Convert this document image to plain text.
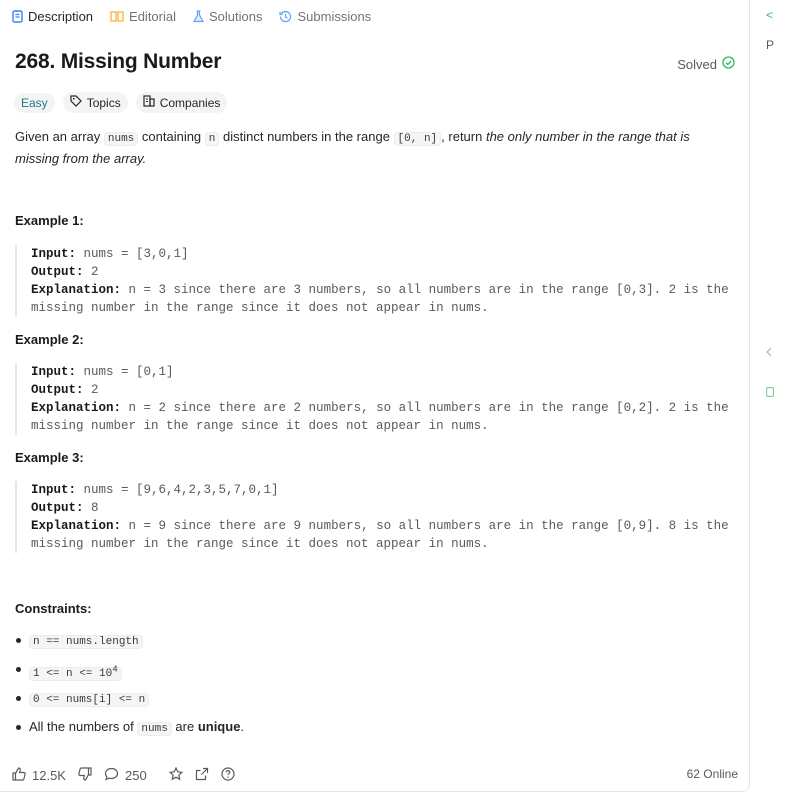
Description	Editorial	Solutions	Submissions
268. Missing Number	Solved
Easy	Topics	Companies
Given an array nums containing n distinct numbers in the range [0, n] , return the only number in the range that is missing from the array.
Example 1:
Input: nums = [3,0,1]
Output: 2
Explanation: n = 3 since there are 3 numbers, so all numbers are in the range [0,3]. 2 is the
missing number in the range since it does not appear in nums.
Example 2:
Input: nums = [0,1]
Output: 2
Explanation: n = 2 since there are 2 numbers, so all numbers are in the range [0,2]. 2 is the
missing number in the range since it does not appear in nums.
Example 3:
Input: nums = [9,6,4,2,3,5,7,0,1]
Output: 8
Explanation: n = 9 since there are 9 numbers, so all numbers are in the range [0,9]. 8 is the
missing number in the range since it does not appear in nums.
Constraints:
n == nums.length
$1 <= n <= 10^4$
0 <= nums[i] <= n
All the numbers of nums are unique.
12.5K	250	62 Online
<
P
